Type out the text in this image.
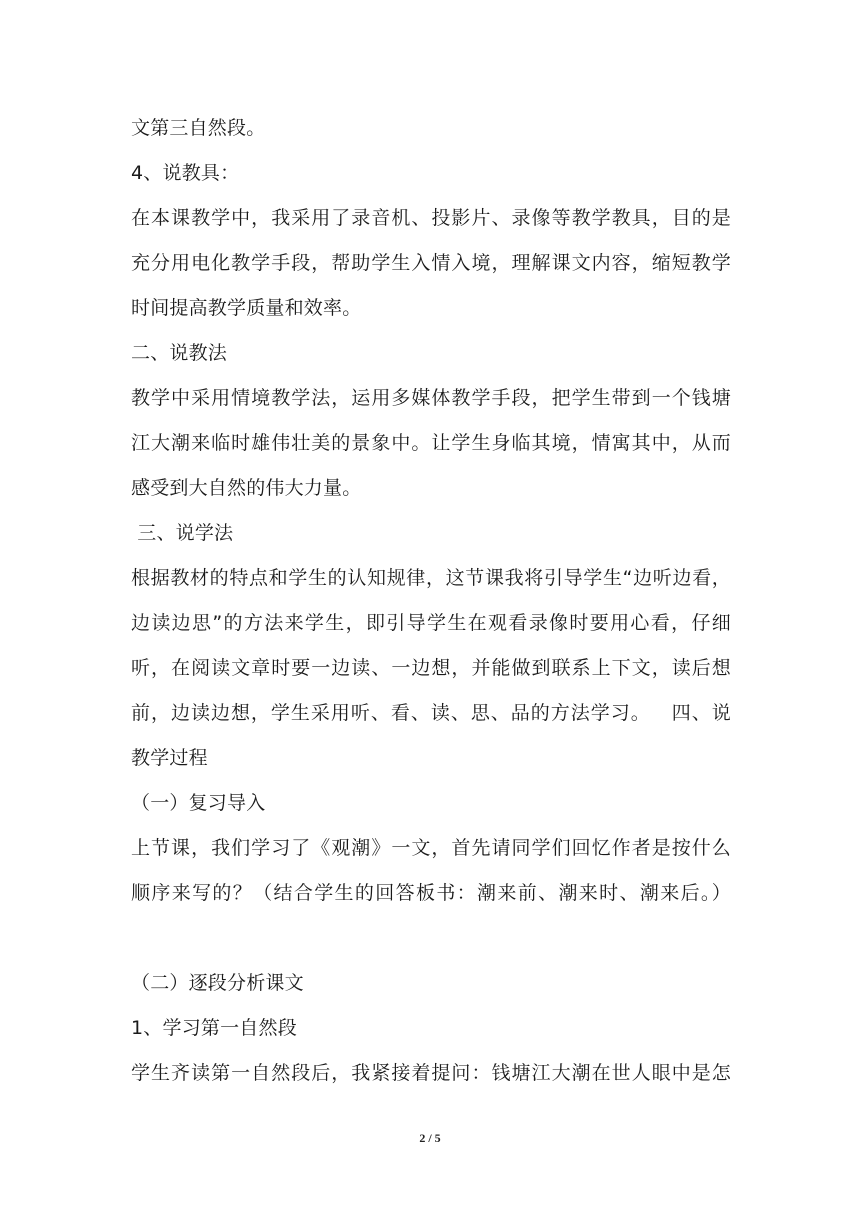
文第三自然段。
4、说教具：
在本课教学中，我采用了录音机、投影片、录像等教学教具，目的是
充分用电化教学手段，帮助学生入情入境，理解课文内容，缩短教学
时间提高教学质量和效率。
二、说教法
教学中采用情境教学法，运用多媒体教学手段，把学生带到一个钱塘
江大潮来临时雄伟壮美的景象中。让学生身临其境，情寓其中，从而
感受到大自然的伟大力量。
三、说学法
根据教材的特点和学生的认知规律，这节课我将引导学生“边听边看，
边读边思”的方法来学生，即引导学生在观看录像时要用心看，仔细
听，在阅读文章时要一边读、一边想，并能做到联系上下文，读后想
前，边读边想，学生采用听、看、读、思、品的方法学习。   四、说
教学过程
（一）复习导入
上节课，我们学习了《观潮》一文，首先请同学们回忆作者是按什么
顺序来写的？（结合学生的回答板书：潮来前、潮来时、潮来后。）
（二）逐段分析课文
1、学习第一自然段
学生齐读第一自然段后，我紧接着提问：钱塘江大潮在世人眼中是怎
2 / 5
